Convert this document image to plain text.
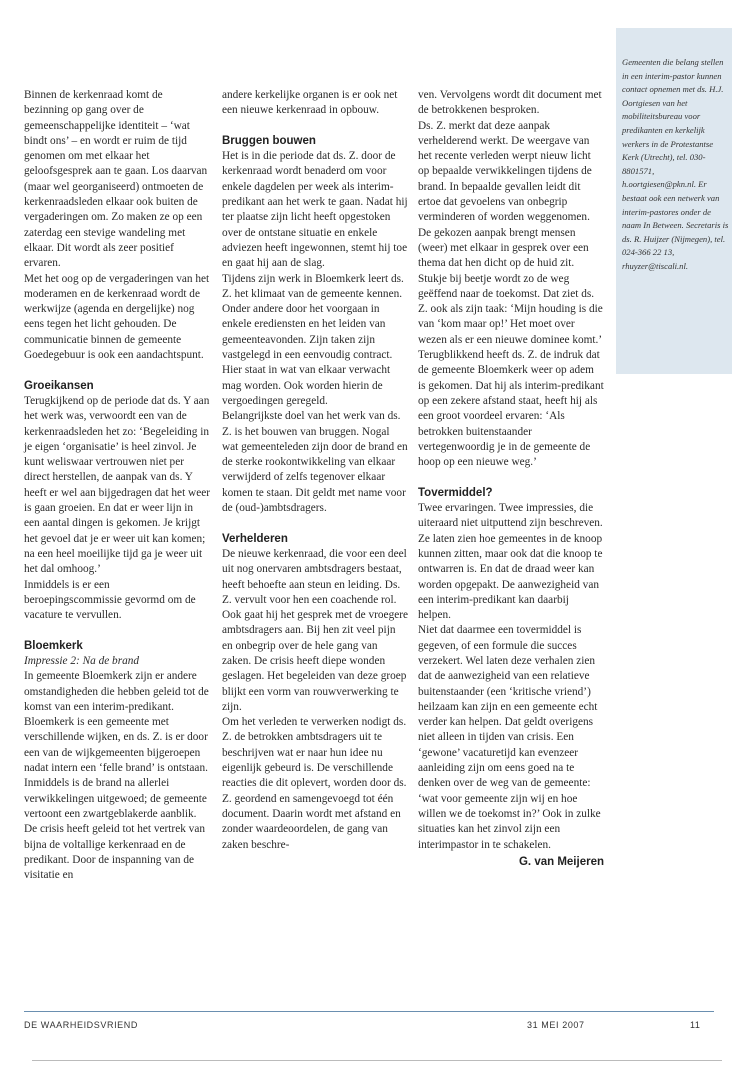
Gemeenten die belang stellen in een interim-pastor kunnen contact opnemen met ds. H.J. Oortgiesen van het mobiliteitsbureau voor predikanten en kerkelijk werkers in de Protestantse Kerk (Utrecht), tel. 030-8801571, h.oortgiesen@pkn.nl. Er bestaat ook een netwerk van interim-pastores onder de naam In Between. Secretaris is ds. R. Huijzer (Nijmegen), tel. 024-366 22 13, rhuyzer@tiscali.nl.

Binnen de kerkenraad komt de bezinning op gang over de gemeenschappelijke identiteit – ‘wat bindt ons’ – en wordt er ruim de tijd genomen om met elkaar het geloofsgesprek aan te gaan. Los daarvan (maar wel georganiseerd) ontmoeten de kerkenraadsleden elkaar ook buiten de vergaderingen om. Zo maken ze op een zaterdag een stevige wandeling met elkaar. Dit wordt als zeer positief ervaren.

Met het oog op de vergaderingen van het moderamen en de kerkenraad wordt de werkwijze (agenda en dergelijke) nog eens tegen het licht gehouden. De communicatie binnen de gemeente Goedegebuur is ook een aandachtspunt.

Groeikansen

Terugkijkend op de periode dat ds. Y aan het werk was, verwoordt een van de kerkenraadsleden het zo: ‘Begeleiding in je eigen ‘organisatie’ is heel zinvol. Je kunt weliswaar vertrouwen niet per direct herstellen, de aanpak van ds. Y heeft er wel aan bijgedragen dat het weer is gaan groeien. En dat er weer lijn in een aantal dingen is gekomen. Je krijgt het gevoel dat je er weer uit kan komen; na een heel moeilijke tijd ga je weer uit het dal omhoog.’

Inmiddels is er een beroepingscommissie gevormd om de vacature te vervullen.

Bloemkerk

Impressie 2: Na de brand

In gemeente Bloemkerk zijn er andere omstandigheden die hebben geleid tot de komst van een interim-predikant. Bloemkerk is een gemeente met verschillende wijken, en ds. Z. is er door een van de wijkgemeenten bijgeroepen nadat intern een ‘felle brand’ is ontstaan. Inmiddels is de brand na allerlei verwikkelingen uitgewoed; de gemeente vertoont een zwartgeblakerde aanblik.

De crisis heeft geleid tot het vertrek van bijna de voltallige kerkenraad en de predikant. Door de inspanning van de visitatie en

andere kerkelijke organen is er ook net een nieuwe kerkenraad in opbouw.

Bruggen bouwen

Het is in die periode dat ds. Z. door de kerkenraad wordt benaderd om voor enkele dagdelen per week als interim-predikant aan het werk te gaan. Nadat hij ter plaatse zijn licht heeft opgestoken over de ontstane situatie en enkele adviezen heeft ingewonnen, stemt hij toe en gaat hij aan de slag.

Tijdens zijn werk in Bloemkerk leert ds. Z. het klimaat van de gemeente kennen. Onder andere door het voorgaan in enkele erediensten en het leiden van gemeenteavonden. Zijn taken zijn vastgelegd in een eenvoudig contract. Hier staat in wat van elkaar verwacht mag worden. Ook worden hierin de vergoedingen geregeld.

Belangrijkste doel van het werk van ds. Z. is het bouwen van bruggen. Nogal wat gemeenteleden zijn door de brand en de sterke rookontwikkeling van elkaar verwijderd of zelfs tegenover elkaar komen te staan. Dit geldt met name voor de (oud-)ambtsdragers.

Verhelderen

De nieuwe kerkenraad, die voor een deel uit nog onervaren ambtsdragers bestaat, heeft behoefte aan steun en leiding. Ds. Z. vervult voor hen een coachende rol.

Ook gaat hij het gesprek met de vroegere ambtsdragers aan. Bij hen zit veel pijn en onbegrip over de hele gang van zaken. De crisis heeft diepe wonden geslagen. Het begeleiden van deze groep blijkt een vorm van rouwverwerking te zijn.

Om het verleden te verwerken nodigt ds. Z. de betrokken ambtsdragers uit te beschrijven wat er naar hun idee nu eigenlijk gebeurd is. De verschillende reacties die dit oplevert, worden door ds. Z. geordend en samengevoegd tot één document. Daarin wordt met afstand en zonder waardeoordelen, de gang van zaken beschre-

ven. Vervolgens wordt dit document met de betrokkenen besproken.

Ds. Z. merkt dat deze aanpak verhelderend werkt. De weergave van het recente verleden werpt nieuw licht op bepaalde verwikkelingen tijdens de brand. In bepaalde gevallen leidt dit ertoe dat gevoelens van onbegrip verminderen of worden weggenomen. De gekozen aanpak brengt mensen (weer) met elkaar in gesprek over een thema dat hen dicht op de huid zit. Stukje bij beetje wordt zo de weg geëffend naar de toekomst. Dat ziet ds. Z. ook als zijn taak: ‘Mijn houding is die van ‘kom maar op!’ Het moet over wezen als er een nieuwe dominee komt.’

Terugblikkend heeft ds. Z. de indruk dat de gemeente Bloemkerk weer op adem is gekomen. Dat hij als interim-predikant op een zekere afstand staat, heeft hij als een groot voordeel ervaren: ‘Als betrokken buitenstaander vertegenwoordig je in de gemeente de hoop op een nieuwe weg.’

Tovermiddel?

Twee ervaringen. Twee impressies, die uiteraard niet uitputtend zijn beschreven. Ze laten zien hoe gemeentes in de knoop kunnen zitten, maar ook dat die knoop te ontwarren is. En dat de draad weer kan worden opgepakt. De aanwezigheid van een interim-predikant kan daarbij helpen.

Niet dat daarmee een tovermiddel is gegeven, of een formule die succes verzekert. Wel laten deze verhalen zien dat de aanwezigheid van een relatieve buitenstaander (een ‘kritische vriend’) heilzaam kan zijn en een gemeente echt verder kan helpen. Dat geldt overigens niet alleen in tijden van crisis. Een ‘gewone’ vacaturetijd kan evenzeer aanleiding zijn om eens goed na te denken over de weg van de gemeente: ‘wat voor gemeente zijn wij en hoe willen we de toekomst in?’ Ook in zulke situaties kan het zinvol zijn een interimpastor in te schakelen.

G. van Meijeren
DE WAARHEIDSVRIEND	31 MEI 2007	11
